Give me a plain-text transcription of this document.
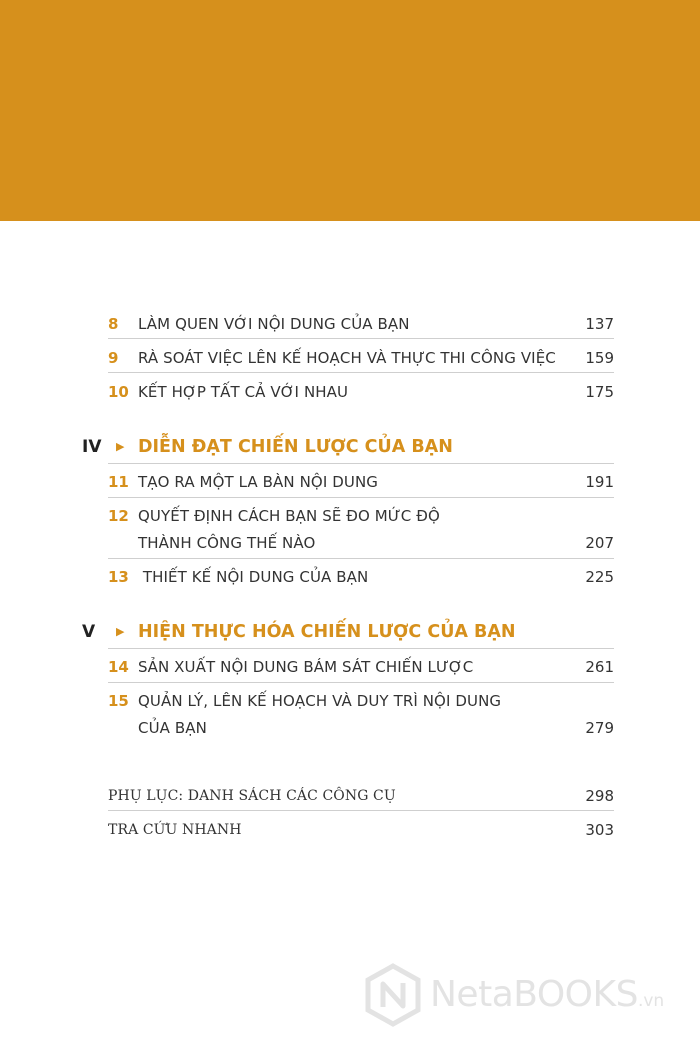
8 LÀM QUEN VỚI NỘI DUNG CỦA BẠN	137
9 RÀ SOÁT VIỆC LÊN KẾ HOẠCH VÀ THỰC THI CÔNG VIỆC 159
10 KẾT HỢP TẤT CẢ VỚI NHAU	175
IV ▶ DIỄN ĐẠT CHIẾN LƯỢC CỦA BẠN
11 TẠO RA MỘT LA BÀN NỘI DUNG	191
12 QUYẾT ĐỊNH CÁCH BẠN SẼ ĐO MỨC ĐỘ
THÀNH CÔNG THẾ NÀO	207
13 THIẾT KẾ NỘI DUNG CỦA BẠN	225
V ▶ HIỆN THỰC HÓA CHIẾN LƯỢC CỦA BẠN
14 SẢN XUẤT NỘI DUNG BÁM SÁT CHIẾN LƯỢC	261
15 QUẢN LÝ, LÊN KẾ HOẠCH VÀ DUY TRÌ NỘI DUNG
CỦA BẠN	279
PHỤ LỤC: DANH SÁCH CÁC CÔNG CỤ	298
TRA CỨU NHANH	303
NetaBOOKS.vn
